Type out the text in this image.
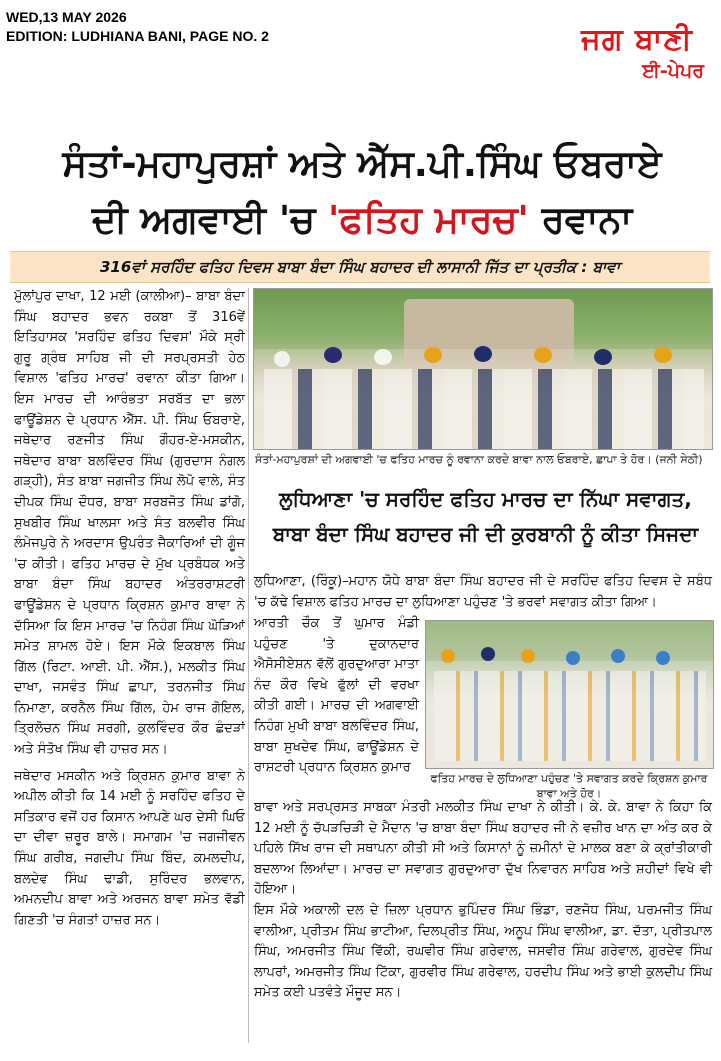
WED,13 MAY 2026
EDITION: LUDHIANA BANI, PAGE NO. 2	ਜਗ ਬਾਣੀ
ਈ-ਪੇਪਰ
ਸੰਤਾਂ-ਮਹਾਪੁਰਸ਼ਾਂ ਅਤੇ ਐੱਸ.ਪੀ.ਸਿੰਘ ਓਬਰਾਏ
ਦੀ ਅਗਵਾਈ 'ਚ 'ਫਤਿਹ ਮਾਰਚ' ਰਵਾਨਾ
316ਵਾਂ ਸਰਹਿੰਦ ਫਤਿਹ ਦਿਵਸ ਬਾਬਾ ਬੰਦਾ ਸਿੰਘ ਬਹਾਦਰ ਦੀ ਲਾਸਾਨੀ ਜਿੱਤ ਦਾ ਪ੍ਰਤੀਕ : ਬਾਵਾ

ਮੁੱਲਾਂਪੁਰ ਦਾਖਾ, 12 ਮਈ (ਕਾਲੀਆ)– ਬਾਬਾ ਬੰਦਾ ਸਿੰਘ ਬਹਾਦਰ ਭਵਨ ਰਕਬਾ ਤੋਂ 316ਵੇਂ ਇਤਿਹਾਸਕ 'ਸਰਹਿੰਦ ਫਤਿਹ ਦਿਵਸ' ਮੌਕੇ ਸ੍ਰੀ ਗੁਰੂ ਗ੍ਰੰਥ ਸਾਹਿਬ ਜੀ ਦੀ ਸਰਪ੍ਰਸਤੀ ਹੇਠ ਵਿਸ਼ਾਲ 'ਫਤਿਹ ਮਾਰਚ' ਰਵਾਨਾ ਕੀਤਾ ਗਿਆ। ਇਸ ਮਾਰਚ ਦੀ ਆਰੰਭਤਾ ਸਰਬੱਤ ਦਾ ਭਲਾ ਫਾਊਂਡੇਸ਼ਨ ਦੇ ਪ੍ਰਧਾਨ ਐੱਸ. ਪੀ. ਸਿੰਘ ਓਬਰਾਏ, ਜਥੇਦਾਰ ਰਣਜੀਤ ਸਿੰਘ ਗੌਹਰ-ਏ-ਮਸਕੀਨ, ਜਥੇਦਾਰ ਬਾਬਾ ਬਲਵਿੰਦਰ ਸਿੰਘ (ਗੁਰਦਾਸ ਨੰਗਲ ਗੜ੍ਹੀ), ਸੰਤ ਬਾਬਾ ਜਗਜੀਤ ਸਿੰਘ ਲੋਪੋ ਵਾਲੇ, ਸੰਤ ਦੀਪਕ ਸਿੰਘ ਦੌਧਰ, ਬਾਬਾ ਸਰਬਜੋਤ ਸਿੰਘ ਡਾਂਗੋ, ਸੁਖਬੀਰ ਸਿੰਘ ਖਾਲਸਾ ਅਤੇ ਸੰਤ ਬਲਵੀਰ ਸਿੰਘ ਲੰਮੇਜਪੁਰੇ ਨੇ ਅਰਦਾਸ ਉਪਰੰਤ ਜੈਕਾਰਿਆਂ ਦੀ ਗੂੰਜ 'ਚ ਕੀਤੀ। ਫਤਿਹ ਮਾਰਚ ਦੇ ਮੁੱਖ ਪ੍ਰਬੰਧਕ ਅਤੇ ਬਾਬਾ ਬੰਦਾ ਸਿੰਘ ਬਹਾਦਰ ਅੰਤਰਰਾਸ਼ਟਰੀ ਫਾਊਂਡੇਸ਼ਨ ਦੇ ਪ੍ਰਧਾਨ ਕ੍ਰਿਸ਼ਨ ਕੁਮਾਰ ਬਾਵਾ ਨੇ ਦੱਸਿਆ ਕਿ ਇਸ ਮਾਰਚ 'ਚ ਨਿਹੰਗ ਸਿੰਘ ਘੋੜਿਆਂ ਸਮੇਤ ਸ਼ਾਮਲ ਹੋਏ। ਇਸ ਮੌਕੇ ਇਕਬਾਲ ਸਿੰਘ ਗਿੱਲ (ਰਿਟਾ. ਆਈ. ਪੀ. ਐੱਸ.), ਮਲਕੀਤ ਸਿੰਘ ਦਾਖਾ, ਜਸਵੰਤ ਸਿੰਘ ਛਾਪਾ, ਤਰਨਜੀਤ ਸਿੰਘ ਨਿਮਾਣਾ, ਕਰਨੈਲ ਸਿੰਘ ਗਿੱਲ, ਹੇਮ ਰਾਜ ਗੋਇਲ, ਤ੍ਰਿਲੋਚਨ ਸਿੰਘ ਸਰਗੀ, ਕੁਲਵਿੰਦਰ ਕੌਰ ਛੰਦੜਾਂ ਅਤੇ ਸੰਤੋਖ ਸਿੰਘ ਵੀ ਹਾਜ਼ਰ ਸਨ।

ਜਥੇਦਾਰ ਮਸਕੀਨ ਅਤੇ ਕ੍ਰਿਸ਼ਨ ਕੁਮਾਰ ਬਾਵਾ ਨੇ ਅਪੀਲ ਕੀਤੀ ਕਿ 14 ਮਈ ਨੂੰ ਸਰਹਿੰਦ ਫਤਿਹ ਦੇ ਸਤਿਕਾਰ ਵਜੋਂ ਹਰ ਕਿਸਾਨ ਆਪਣੇ ਘਰ ਦੇਸੀ ਘਿਓ ਦਾ ਦੀਵਾ ਜ਼ਰੂਰ ਬਾਲੇ। ਸਮਾਗਮ 'ਚ ਜਗਜੀਵਨ ਸਿੰਘ ਗਰੀਬ, ਜਗਦੀਪ ਸਿੰਘ ਬਿੰਦ, ਕਮਲਦੀਪ, ਬਲਦੇਵ ਸਿੰਘ ਢਾਡੀ, ਸੁਰਿੰਦਰ ਭਲਵਾਨ, ਅਮਨਦੀਪ ਬਾਵਾ ਅਤੇ ਅਰਜਨ ਬਾਵਾ ਸਮੇਤ ਵੱਡੀ ਗਿਣਤੀ 'ਚ ਸੰਗਤਾਂ ਹਾਜ਼ਰ ਸਨ।

ਸੰਤਾਂ-ਮਹਾਪੁਰਸ਼ਾਂ ਦੀ ਅਗਵਾਈ 'ਚ ਫਤਿਹ ਮਾਰਚ ਨੂੰ ਰਵਾਨਾ ਕਰਦੇ ਬਾਵਾ ਨਾਲ ਓਬਰਾਏ, ਛਾਪਾ ਤੇ ਹੋਰ। (ਜਨੀ ਸੇਠੀ)
ਲੁਧਿਆਣਾ 'ਚ ਸਰਹਿੰਦ ਫਤਿਹ ਮਾਰਚ ਦਾ ਨਿੱਘਾ ਸਵਾਗਤ,
ਬਾਬਾ ਬੰਦਾ ਸਿੰਘ ਬਹਾਦਰ ਜੀ ਦੀ ਕੁਰਬਾਨੀ ਨੂੰ ਕੀਤਾ ਸਿਜਦਾ
ਲੁਧਿਆਣਾ, (ਰਿੰਕੂ)–ਮਹਾਨ ਯੋਧੇ ਬਾਬਾ ਬੰਦਾ ਸਿੰਘ ਬਹਾਦਰ ਜੀ ਦੇ ਸਰਹਿੰਦ ਫਤਿਹ ਦਿਵਸ ਦੇ ਸਬੰਧ 'ਚ ਕੱਢੇ ਵਿਸ਼ਾਲ ਫਤਿਹ ਮਾਰਚ ਦਾ ਲੁਧਿਆਣਾ ਪਹੁੰਚਣ 'ਤੇ ਭਰਵਾਂ ਸਵਾਗਤ ਕੀਤਾ ਗਿਆ।
ਆਰਤੀ ਚੌਕ ਤੋਂ ਘੁਮਾਰ ਮੰਡੀ ਪਹੁੰਚਣ 'ਤੇ ਦੁਕਾਨਦਾਰ ਐਸੋਸੀਏਸ਼ਨ ਵੱਲੋਂ ਗੁਰਦੁਆਰਾ ਮਾਤਾ ਨੰਦ ਕੌਰ ਵਿਖੇ ਫੁੱਲਾਂ ਦੀ ਵਰਖਾ ਕੀਤੀ ਗਈ। ਮਾਰਚ ਦੀ ਅਗਵਾਈ ਨਿਹੰਗ ਮੁਖੀ ਬਾਬਾ ਬਲਵਿੰਦਰ ਸਿੰਘ, ਬਾਬਾ ਸੁਖਦੇਵ ਸਿੰਘ, ਫਾਊਂਡੇਸ਼ਨ ਦੇ ਰਾਸ਼ਟਰੀ ਪ੍ਰਧਾਨ ਕ੍ਰਿਸ਼ਨ ਕੁਮਾਰ
ਫਤਿਹ ਮਾਰਚ ਦੇ ਲੁਧਿਆਣਾ ਪਹੁੰਚਣ 'ਤੇ ਸਵਾਗਤ ਕਰਦੇ ਕ੍ਰਿਸ਼ਨ ਕੁਮਾਰ ਬਾਵਾ ਅਤੇ ਹੋਰ।

ਬਾਵਾ ਅਤੇ ਸਰਪ੍ਰਸਤ ਸਾਬਕਾ ਮੰਤਰੀ ਮਲਕੀਤ ਸਿੰਘ ਦਾਖਾ ਨੇ ਕੀਤੀ। ਕੇ. ਕੇ. ਬਾਵਾ ਨੇ ਕਿਹਾ ਕਿ 12 ਮਈ ਨੂੰ ਚੱਪੜਚਿੜੀ ਦੇ ਮੈਦਾਨ 'ਚ ਬਾਬਾ ਬੰਦਾ ਸਿੰਘ ਬਹਾਦਰ ਜੀ ਨੇ ਵਜ਼ੀਰ ਖਾਨ ਦਾ ਅੰਤ ਕਰ ਕੇ ਪਹਿਲੇ ਸਿੱਖ ਰਾਜ ਦੀ ਸਥਾਪਨਾ ਕੀਤੀ ਸੀ ਅਤੇ ਕਿਸਾਨਾਂ ਨੂੰ ਜ਼ਮੀਨਾਂ ਦੇ ਮਾਲਕ ਬਣਾ ਕੇ ਕ੍ਰਾਂਤੀਕਾਰੀ ਬਦਲਾਅ ਲਿਆਂਦਾ। ਮਾਰਚ ਦਾ ਸਵਾਗਤ ਗੁਰਦੁਆਰਾ ਦੁੱਖ ਨਿਵਾਰਨ ਸਾਹਿਬ ਅਤੇ ਸ਼ਹੀਦਾਂ ਵਿਖੇ ਵੀ ਹੋਇਆ।

ਇਸ ਮੌਕੇ ਅਕਾਲੀ ਦਲ ਦੇ ਜ਼ਿਲਾ ਪ੍ਰਧਾਨ ਭੁਪਿੰਦਰ ਸਿੰਘ ਭਿੰਡਾ, ਰਣਜੋਧ ਸਿੰਘ, ਪਰਮਜੀਤ ਸਿੰਘ ਵਾਲੀਆ, ਪ੍ਰੀਤਮ ਸਿੰਘ ਭਾਟੀਆ, ਦਿਲਪ੍ਰੀਤ ਸਿੰਘ, ਅਨੂਪ ਸਿੰਘ ਵਾਲੀਆ, ਡਾ. ਦੱਤਾ, ਪ੍ਰੀਤਪਾਲ ਸਿੰਘ, ਅਮਰਜੀਤ ਸਿੰਘ ਵਿੱਕੀ, ਰਘਵੀਰ ਸਿੰਘ ਗਰੇਵਾਲ, ਜਸਵੀਰ ਸਿੰਘ ਗਰੇਵਾਲ, ਗੁਰਦੇਵ ਸਿੰਘ ਲਾਪਰਾਂ, ਅਮਰਜੀਤ ਸਿੰਘ ਟਿੱਕਾ, ਗੁਰਵੀਰ ਸਿੰਘ ਗਰੇਵਾਲ, ਹਰਦੀਪ ਸਿੰਘ ਅਤੇ ਭਾਈ ਕੁਲਦੀਪ ਸਿੰਘ ਸਮੇਤ ਕਈ ਪਤਵੰਤੇ ਮੌਜੂਦ ਸਨ।
